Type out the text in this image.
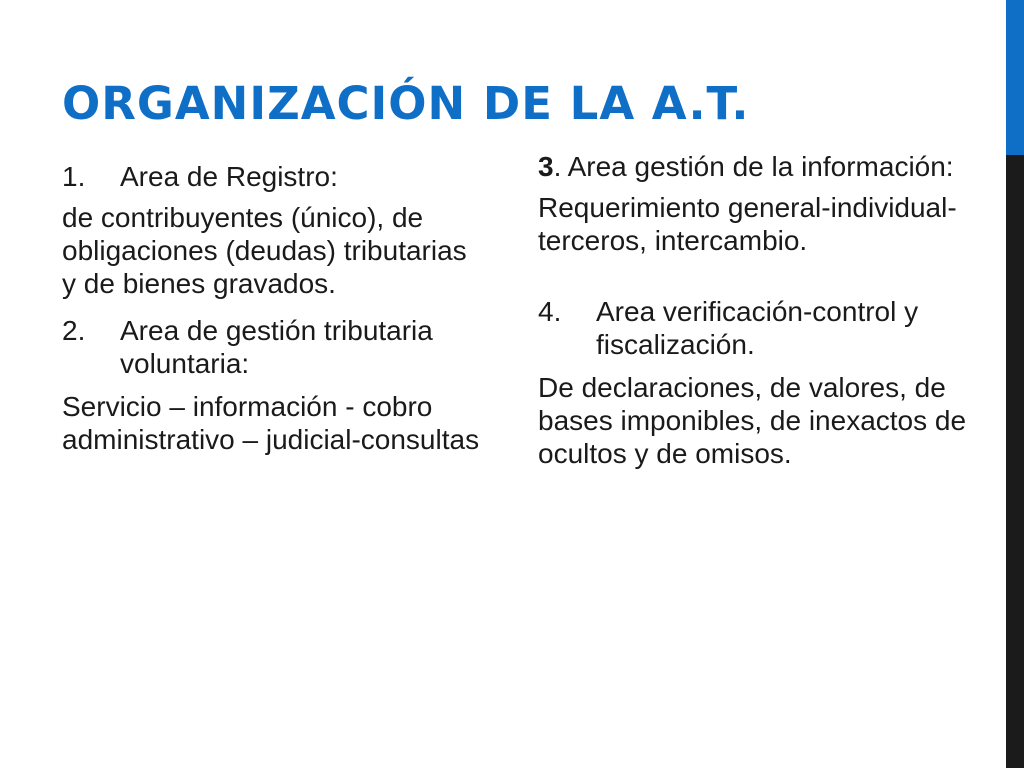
ORGANIZACIÓN DE LA A.T.
1.	Area de Registro:

de contribuyentes (único), de obligaciones (deudas) tributarias y de bienes gravados.

2.	Area de gestión tributaria voluntaria:

Servicio – información - cobro administrativo – judicial-consultas

3. Area gestión de la información:

Requerimiento general-individual-terceros, intercambio.

4.	Area verificación-control y fiscalización.

De declaraciones, de valores, de bases imponibles, de inexactos de ocultos y de omisos.
